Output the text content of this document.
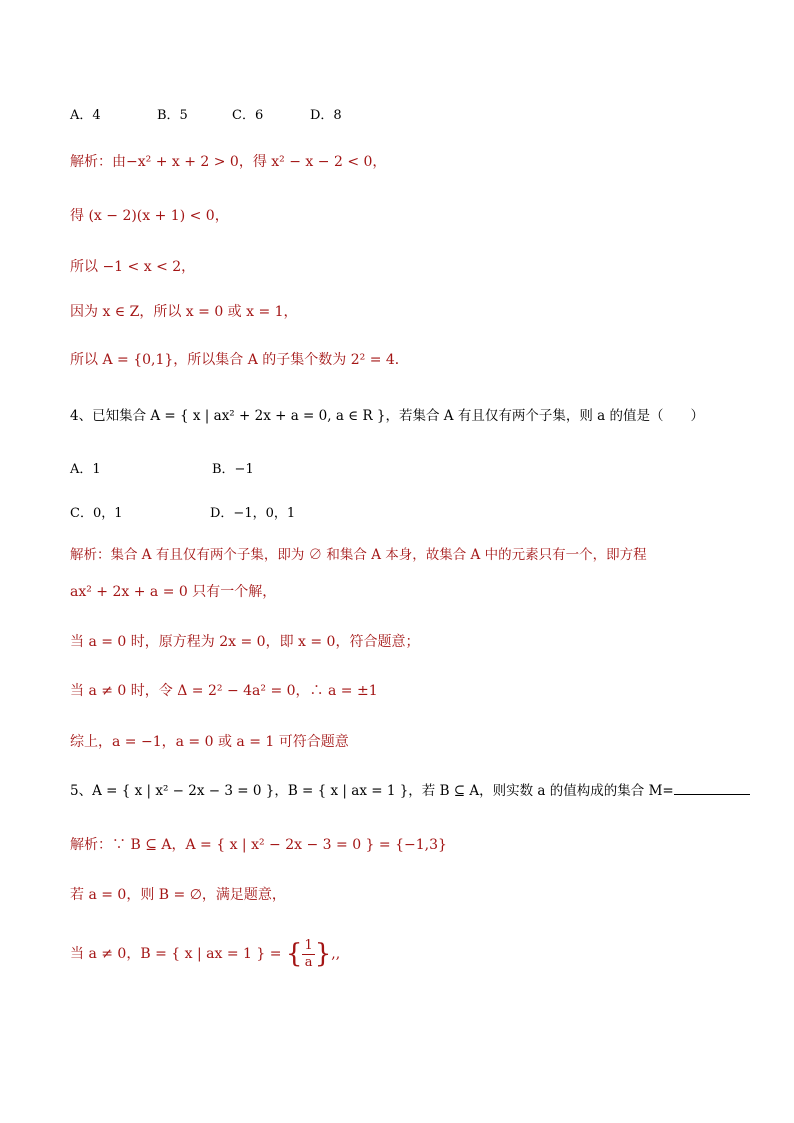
A．4	B．5	C．6	D．8
解析：由−x² + x + 2 > 0，得 x² − x − 2 < 0，
得 (x − 2)(x + 1) < 0，
所以 −1 < x < 2，
因为 x ∈ Z，所以 x = 0 或 x = 1，
所以 A = {0,1}，所以集合 A 的子集个数为 2² = 4．
4、已知集合 A = { x | ax² + 2x + a = 0, a ∈ R }，若集合 A 有且仅有两个子集，则 a 的值是（　　）
A．1	B．−1
C．0，1	D．−1，0，1
解析：集合 A 有且仅有两个子集，即为 ∅ 和集合 A 本身，故集合 A 中的元素只有一个，即方程
ax² + 2x + a = 0 只有一个解，
当 a = 0 时，原方程为 2x = 0，即 x = 0，符合题意；
当 a ≠ 0 时，令 Δ = 2² − 4a² = 0，∴ a = ±1
综上，a = −1，a = 0 或 a = 1 可符合题意
5、A = { x | x² − 2x − 3 = 0 }，B = { x | ax = 1 }，若 B ⊆ A，则实数 a 的值构成的集合 M=
解析：∵ B ⊆ A，A = { x | x² − 2x − 3 = 0 } = {−1,3}
若 a = 0，则 B = ∅，满足题意，
当 a ≠ 0，B = { x | ax = 1 } = { $\frac{1}{a}$ },,
